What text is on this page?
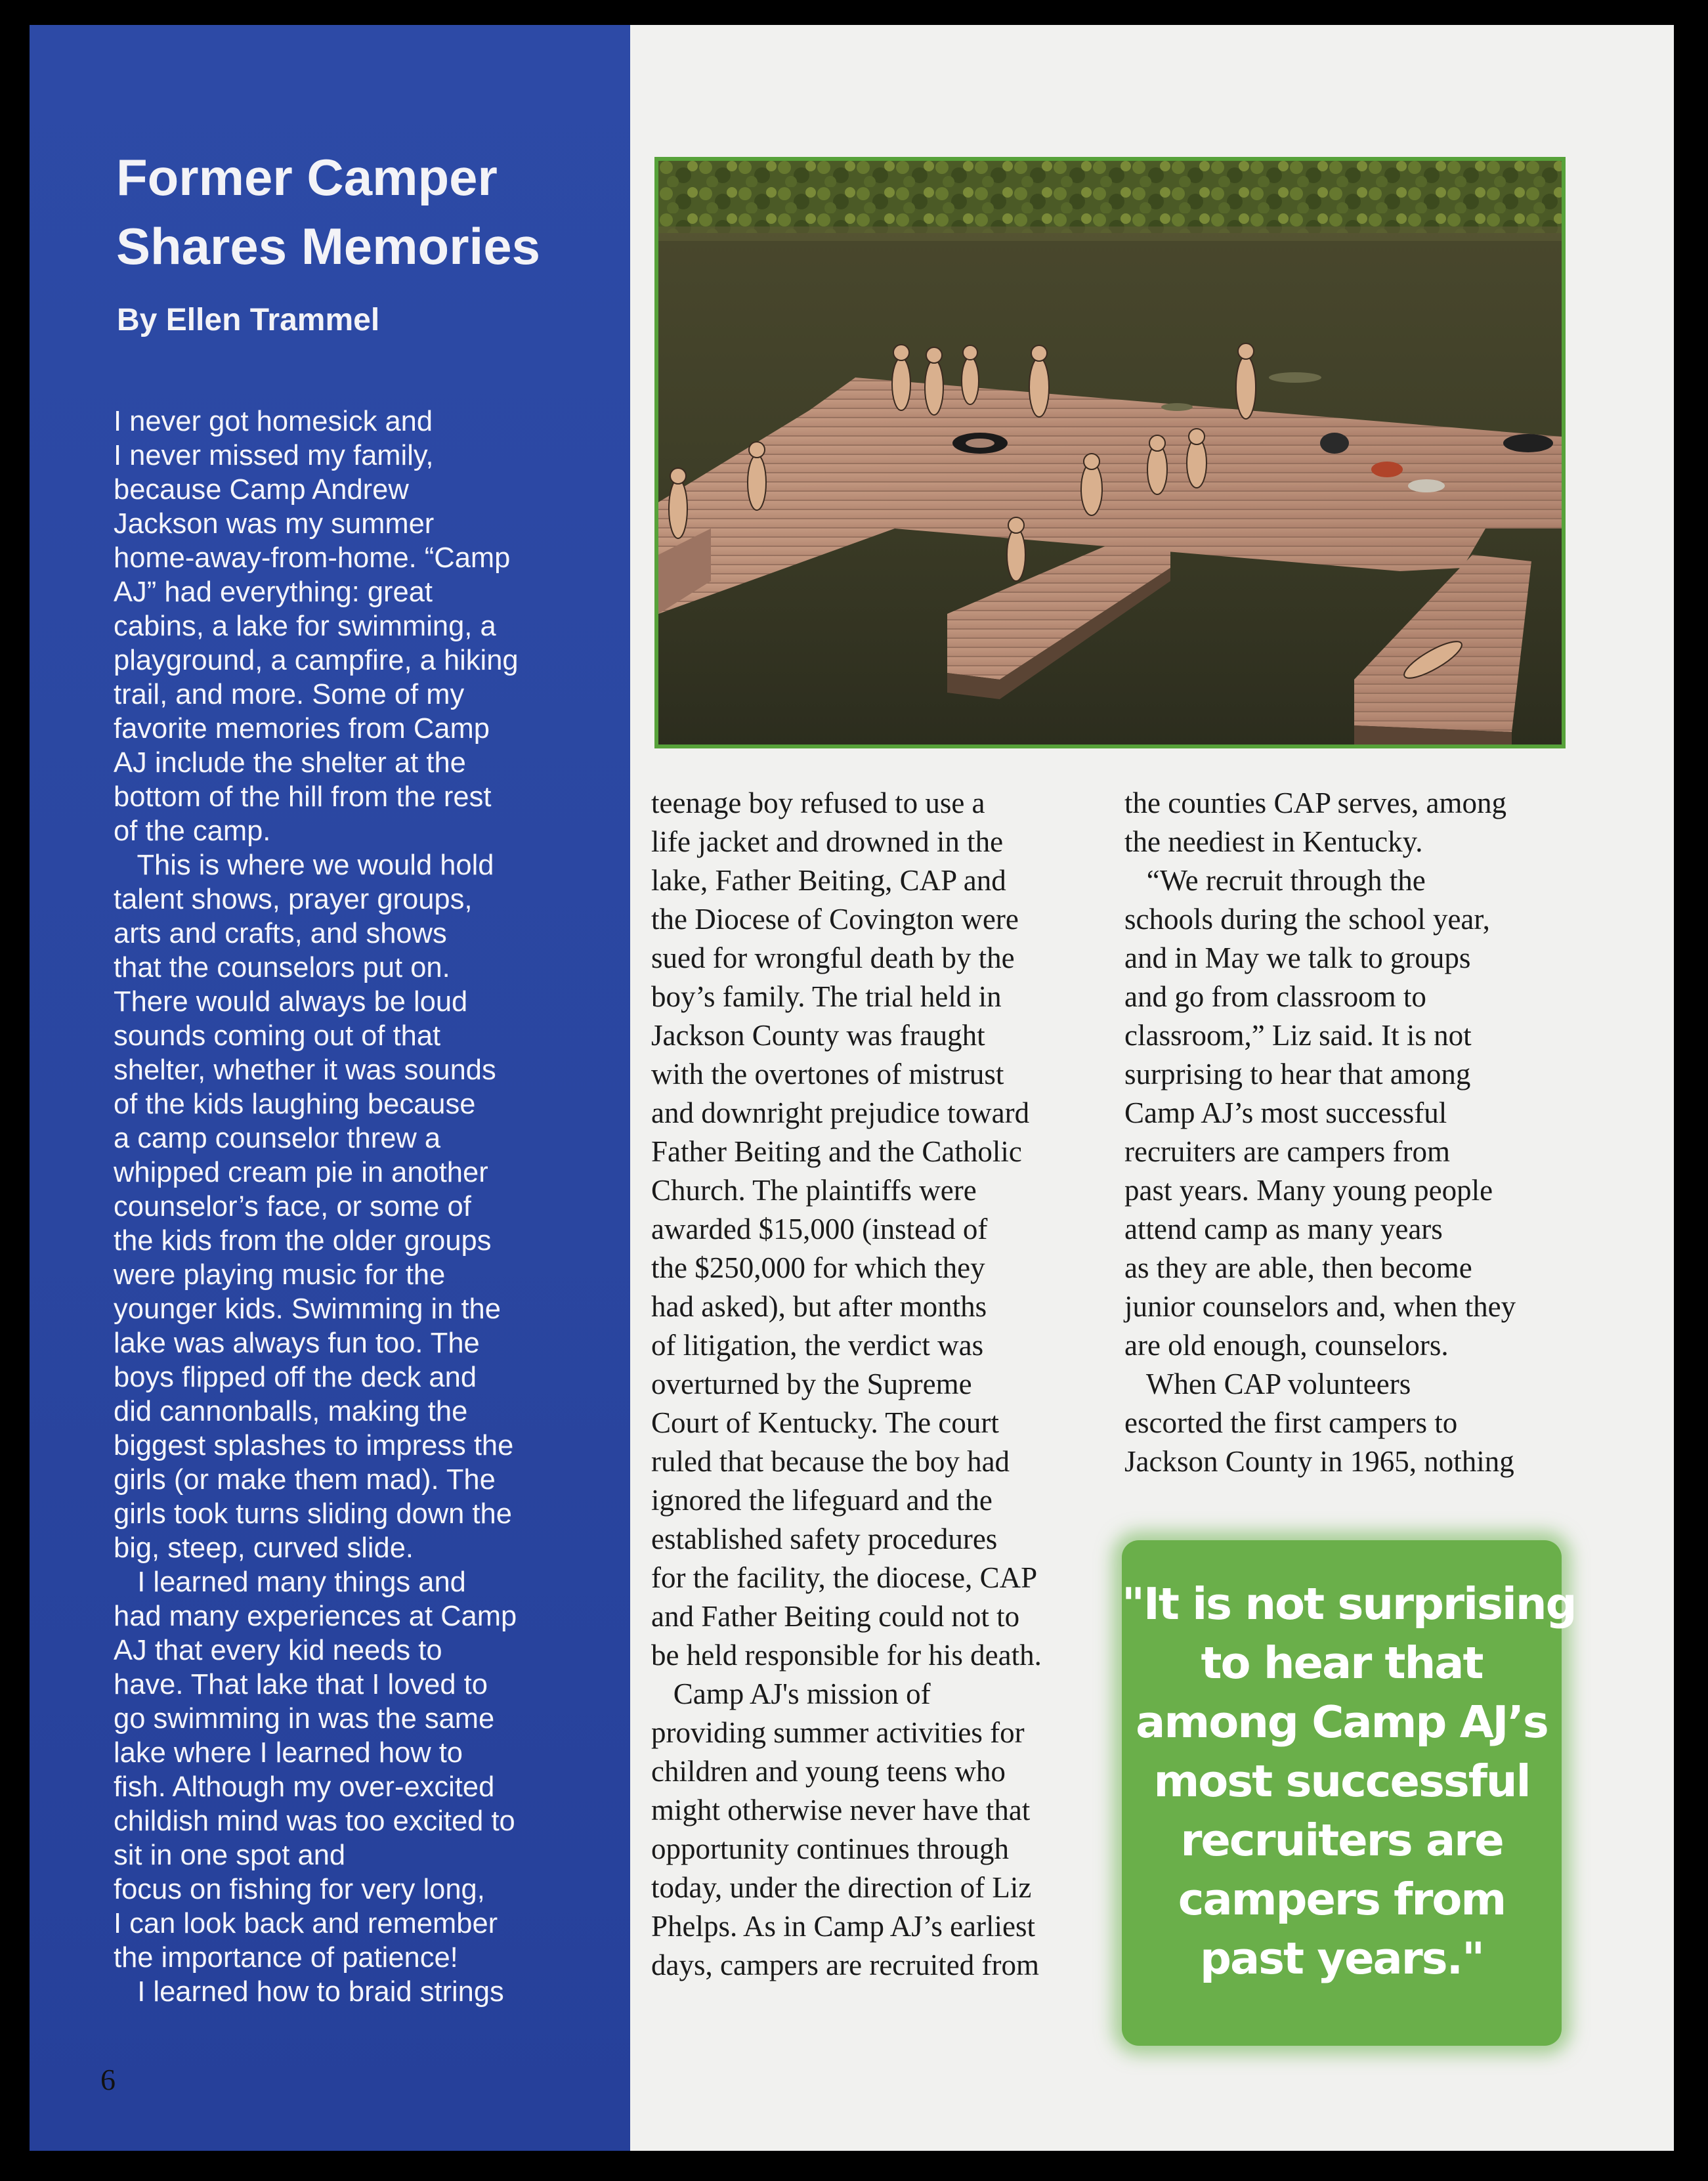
Former Camper
Shares Memories

By Ellen Trammel

I never got homesick and
I never missed my family,
because Camp Andrew
Jackson was my summer
home-away-from-home. “Camp
AJ” had everything: great
cabins, a lake for swimming, a
playground, a campfire, a hiking
trail, and more. Some of my
favorite memories from Camp
AJ include the shelter at the
bottom of the hill from the rest
of the camp.
This is where we would hold
talent shows, prayer groups,
arts and crafts, and shows
that the counselors put on.
There would always be loud
sounds coming out of that
shelter, whether it was sounds
of the kids laughing because
a camp counselor threw a
whipped cream pie in another
counselor’s face, or some of
the kids from the older groups
were playing music for the
younger kids. Swimming in the
lake was always fun too. The
boys flipped off the deck and
did cannonballs, making the
biggest splashes to impress the
girls (or make them mad). The
girls took turns sliding down the
big, steep, curved slide.
I learned many things and
had many experiences at Camp
AJ that every kid needs to
have. That lake that I loved to
go swimming in was the same
lake where I learned how to
fish. Although my over-excited
childish mind was too excited to
sit in one spot and
focus on fishing for very long,
I can look back and remember
the importance of patience!
I learned how to braid strings
6
teenage boy refused to use a
life jacket and drowned in the
lake, Father Beiting, CAP and
the Diocese of Covington were
sued for wrongful death by the
boy’s family. The trial held in
Jackson County was fraught
with the overtones of mistrust
and downright prejudice toward
Father Beiting and the Catholic
Church. The plaintiffs were
awarded $15,000 (instead of
the $250,000 for which they
had asked), but after months
of litigation, the verdict was
overturned by the Supreme
Court of Kentucky. The court
ruled that because the boy had
ignored the lifeguard and the
established safety procedures
for the facility, the diocese, CAP
and Father Beiting could not to
be held responsible for his death.
Camp AJ's mission of
providing summer activities for
children and young teens who
might otherwise never have that
opportunity continues through
today, under the direction of Liz
Phelps. As in Camp AJ’s earliest
days, campers are recruited from
the counties CAP serves, among
the neediest in Kentucky.
“We recruit through the
schools during the school year,
and in May we talk to groups
and go from classroom to
classroom,” Liz said. It is not
surprising to hear that among
Camp AJ’s most successful
recruiters are campers from
past years. Many young people
attend camp as many years
as they are able, then become
junior counselors and, when they
are old enough, counselors.
When CAP volunteers
escorted the first campers to
Jackson County in 1965, nothing
"It is not surprising
to hear that
among Camp AJ’s
most successful
recruiters are
campers from
past years."
